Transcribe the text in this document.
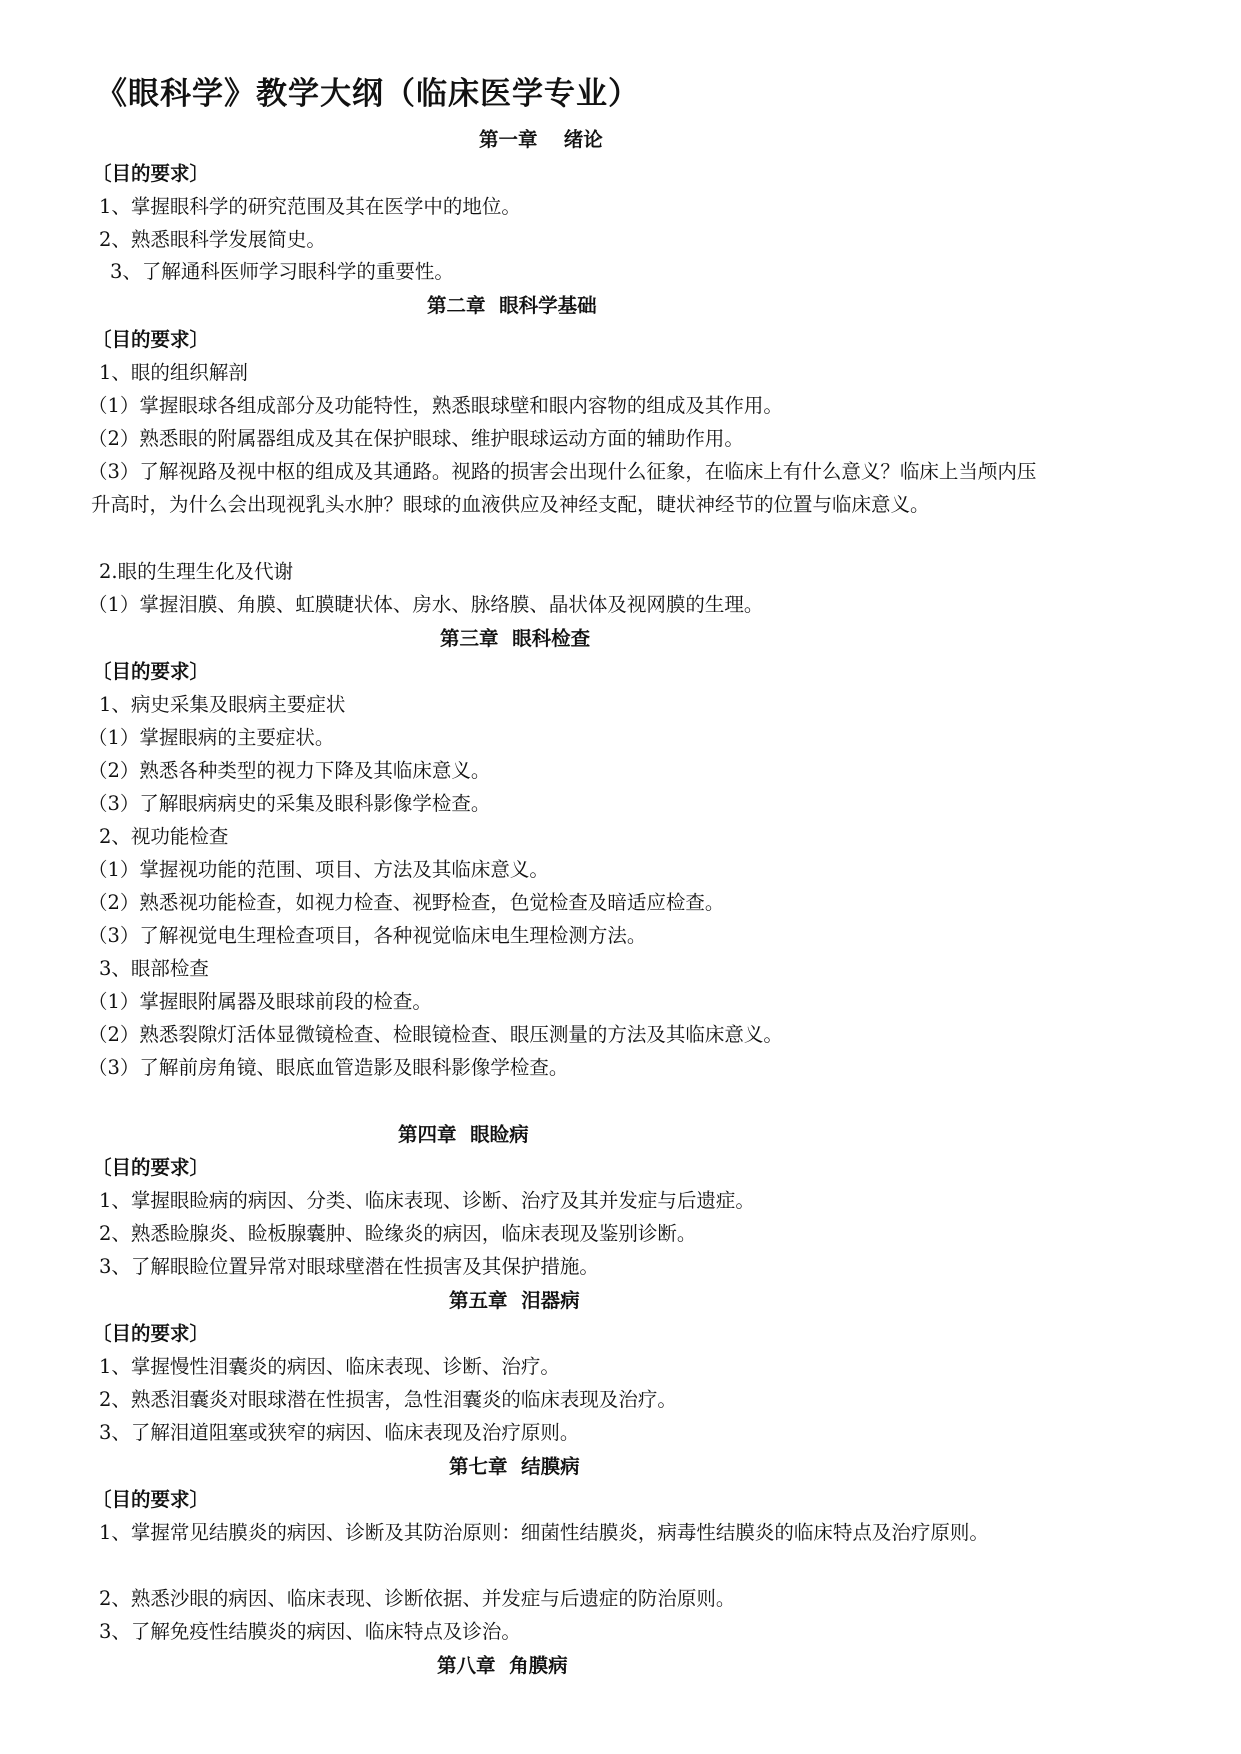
《眼科学》教学大纲（临床医学专业）
第一章　 绪论
〔目的要求〕
1、掌握眼科学的研究范围及其在医学中的地位。
2、熟悉眼科学发展简史。
3、了解通科医师学习眼科学的重要性。
第二章  眼科学基础
〔目的要求〕
1、眼的组织解剖
（1）掌握眼球各组成部分及功能特性，熟悉眼球壁和眼内容物的组成及其作用。
（2）熟悉眼的附属器组成及其在保护眼球、维护眼球运动方面的辅助作用。
（3）了解视路及视中枢的组成及其通路。视路的损害会出现什么征象，在临床上有什么意义？临床上当颅内压
升高时，为什么会出现视乳头水肿？眼球的血液供应及神经支配，睫状神经节的位置与临床意义。
2.眼的生理生化及代谢
（1）掌握泪膜、角膜、虹膜睫状体、房水、脉络膜、晶状体及视网膜的生理。
第三章  眼科检查
〔目的要求〕
1、病史采集及眼病主要症状
（1）掌握眼病的主要症状。
（2）熟悉各种类型的视力下降及其临床意义。
（3）了解眼病病史的采集及眼科影像学检查。
2、视功能检查
（1）掌握视功能的范围、项目、方法及其临床意义。
（2）熟悉视功能检查，如视力检查、视野检查，色觉检查及暗适应检查。
（3）了解视觉电生理检查项目，各种视觉临床电生理检测方法。
3、眼部检查
（1）掌握眼附属器及眼球前段的检查。
（2）熟悉裂隙灯活体显微镜检查、检眼镜检查、眼压测量的方法及其临床意义。
（3）了解前房角镜、眼底血管造影及眼科影像学检查。
第四章  眼睑病
〔目的要求〕
1、掌握眼睑病的病因、分类、临床表现、诊断、治疗及其并发症与后遗症。
2、熟悉睑腺炎、睑板腺囊肿、睑缘炎的病因，临床表现及鉴别诊断。
3、了解眼睑位置异常对眼球壁潜在性损害及其保护措施。
第五章  泪器病
〔目的要求〕
1、掌握慢性泪囊炎的病因、临床表现、诊断、治疗。
2、熟悉泪囊炎对眼球潜在性损害，急性泪囊炎的临床表现及治疗。
3、了解泪道阻塞或狭窄的病因、临床表现及治疗原则。
第七章  结膜病
〔目的要求〕
1、掌握常见结膜炎的病因、诊断及其防治原则：细菌性结膜炎，病毒性结膜炎的临床特点及治疗原则。
2、熟悉沙眼的病因、临床表现、诊断依据、并发症与后遗症的防治原则。
3、了解免疫性结膜炎的病因、临床特点及诊治。
第八章  角膜病
